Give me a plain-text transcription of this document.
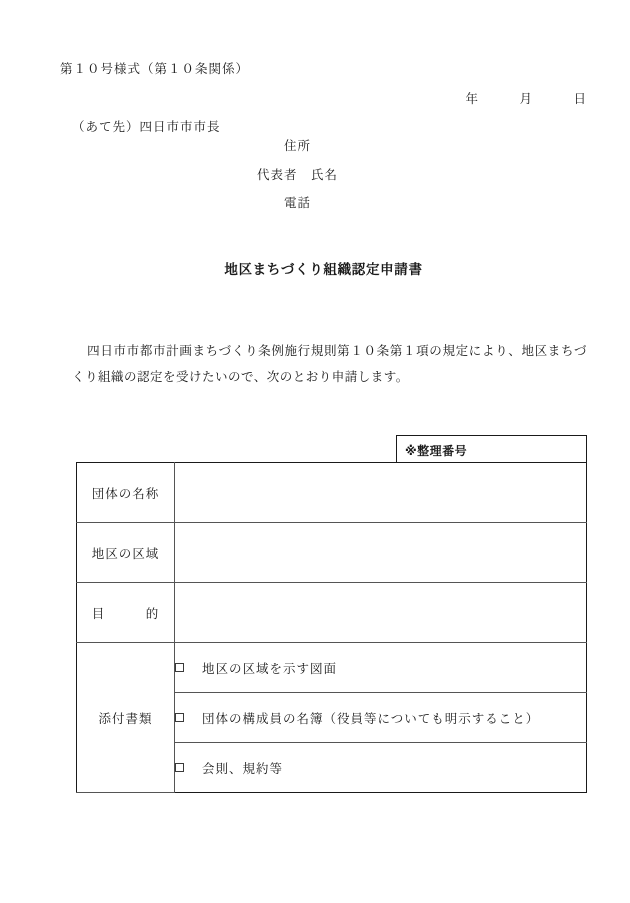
第１０号様式（第１０条関係）
年　　　月　　　日
（あて先）四日市市市長
住所
代表者　氏名
電話
地区まちづくり組織認定申請書
四日市市都市計画まちづくり条例施行規則第１０条第１項の規定により、地区まちづくり組織の認定を受けたいので、次のとおり申請します。
※整理番号
団体の名称	
地区の区域	
目　　　的	
添付書類	地区の区域を示す図面

	団体の構成員の名簿（役員等についても明示すること）

	会則、規約等
